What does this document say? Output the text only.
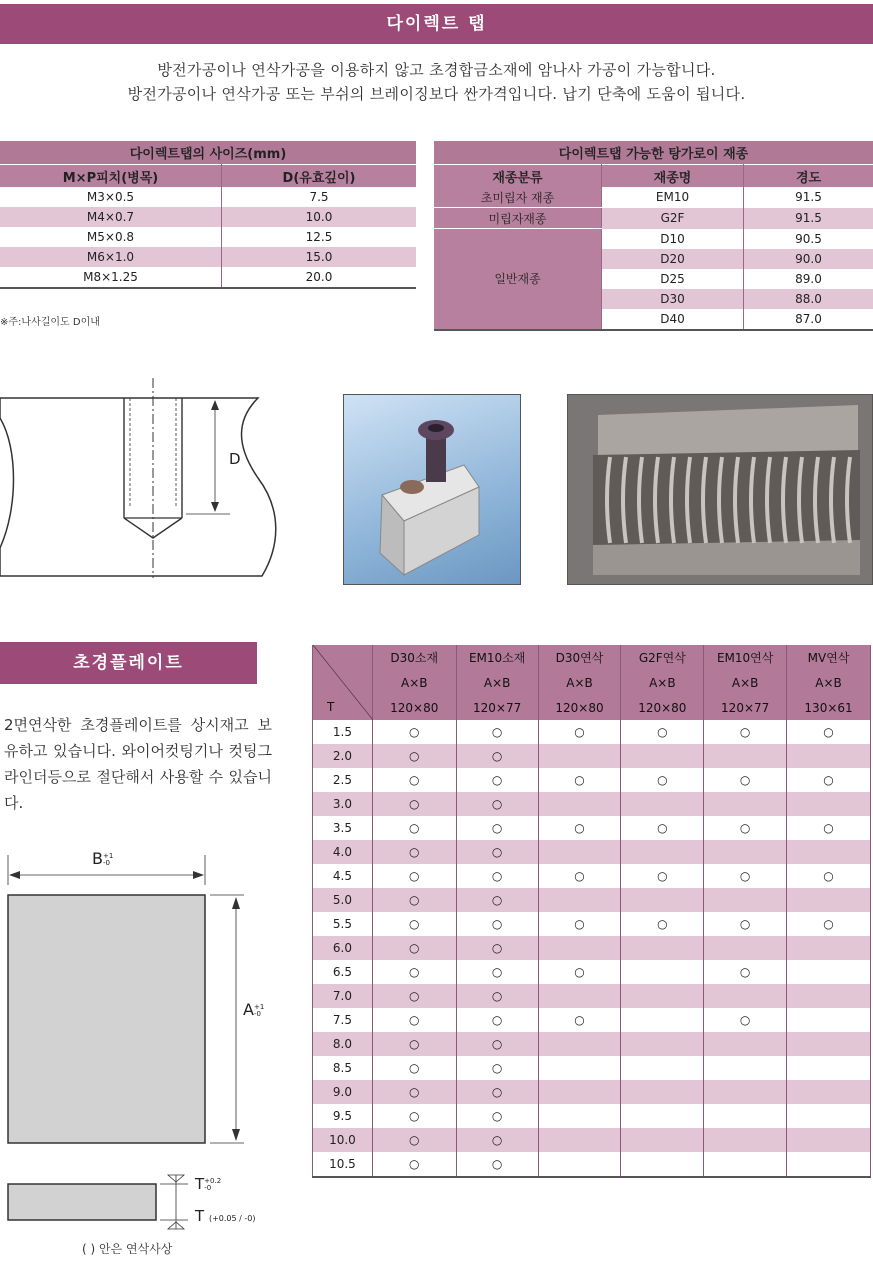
다이렉트 탭
방전가공이나 연삭가공을 이용하지 않고 초경합금소재에 암나사 가공이 가능합니다.
방전가공이나 연삭가공 또는 부쉬의 브레이징보다 싼가격입니다. 납기 단축에 도움이 됩니다.
다이렉트탭의 사이즈(mm)	
M×P피치(병목)	D(유효깊이)
M3×0.5	7.5
M4×0.7	10.0
M5×0.8	12.5
M6×1.0	15.0
M8×1.25	20.0
※주:나사길이도 D이내
다이렉트탭 가능한 탕가로이 재종		
재종분류	재종명	경도
초미립자 재종	EM10	91.5
미립자재종	G2F	91.5
일반재종	D10	90.5
	D20	90.0
	D25	89.0
	D30	88.0
	D40	87.0
D
초경플레이트
2면연삭한 초경플레이트를 상시재고 보유하고 있습니다. 와이어컷팅기나 컷팅그라인더등으로 절단해서 사용할 수 있습니다.
B+1
-0
A+1
-0
T+0.2
-0
T (+0.05 / -0)
( ) 안은 연삭사상
T	D30소재	EM10소재	D30연삭	G2F연삭	EM10연삭	MV연삭
	A×B	A×B	A×B	A×B	A×B	A×B
	120×80	120×77	120×80	120×80	120×77	130×61
1.5	○	○	○	○	○	○
2.0	○	○				
2.5	○	○	○	○	○	○
3.0	○	○				
3.5	○	○	○	○	○	○
4.0	○	○				
4.5	○	○	○	○	○	○
5.0	○	○				
5.5	○	○	○	○	○	○
6.0	○	○				
6.5	○	○	○		○	
7.0	○	○				
7.5	○	○	○		○	
8.0	○	○				
8.5	○	○				
9.0	○	○				
9.5	○	○				
10.0	○	○				
10.5	○	○				
